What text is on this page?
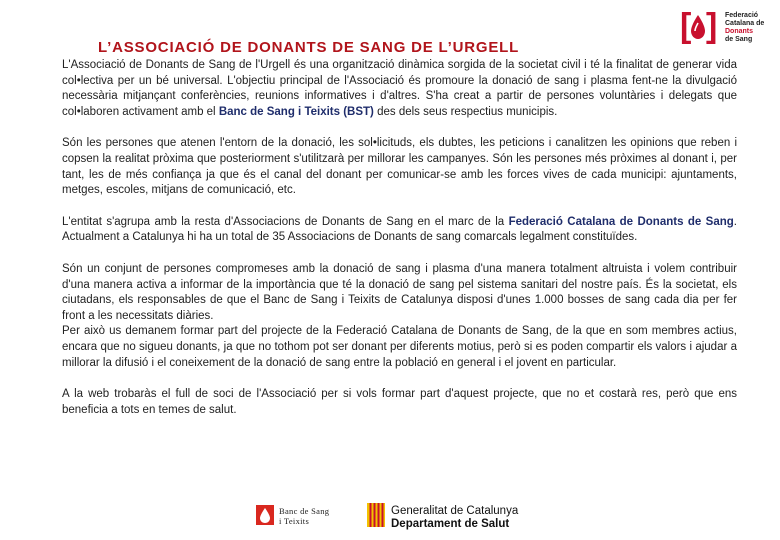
L’ASSOCIACIÓ DE DONANTS DE SANG DE L’URGELL
[ ] Federació
Catalana de
Donants
de Sang

L'Associació de Donants de Sang de l'Urgell és una organització dinàmica sorgida de la societat civil i té la finalitat de generar vida col•lectiva per un bé universal. L'objectiu principal de l'Associació és promoure la donació de sang i plasma fent-ne la divulgació necessària mitjançant conferències, reunions informatives i d'altres. S'ha creat a partir de persones voluntàries i delegats que col•laboren activament amb el Banc de Sang i Teixits (BST) des dels seus respectius municipis.

Són les persones que atenen l'entorn de la donació, les sol•licituds, els dubtes, les peticions i canalitzen les opinions que reben i copsen la realitat pròxima que posteriorment s'utilitzarà per millorar les campanyes. Són les persones més pròximes al donant i, per tant, les de més confiança ja que és el canal del donant per comunicar-se amb les forces vives de cada municipi: ajuntaments, metges, escoles, mitjans de comunicació, etc.

L'entitat s'agrupa amb la resta d'Associacions de Donants de Sang en el marc de la Federació Catalana de Donants de Sang. Actualment a Catalunya hi ha un total de 35 Associacions de Donants de sang comarcals legalment constituïdes.

Són un conjunt de persones compromeses amb la donació de sang i plasma d'una manera totalment altruista i volem contribuir d'una manera activa a informar de la importància que té la donació de sang pel sistema sanitari del nostre país. És la societat, els ciutadans, els responsables de que el Banc de Sang i Teixits de Catalunya disposi d'unes 1.000 bosses de sang cada dia per fer front a les necessitats diàries.
Per això us demanem formar part del projecte de la Federació Catalana de Donants de Sang, de la que en som membres actius, encara que no sigueu donants, ja que no tothom pot ser donant per diferents motius, però si es poden compartir els valors i ajudar a millorar la difusió i el coneixement de la donació de sang entre la població en general i el jovent en particular.

A la web trobaràs el full de soci de l'Associació per si vols formar part d'aquest projecte, que no et costarà res, però que ens beneficia a tots en temes de salut.

Banc de Sang
i Teixits
Generalitat de Catalunya
Departament de Salut
